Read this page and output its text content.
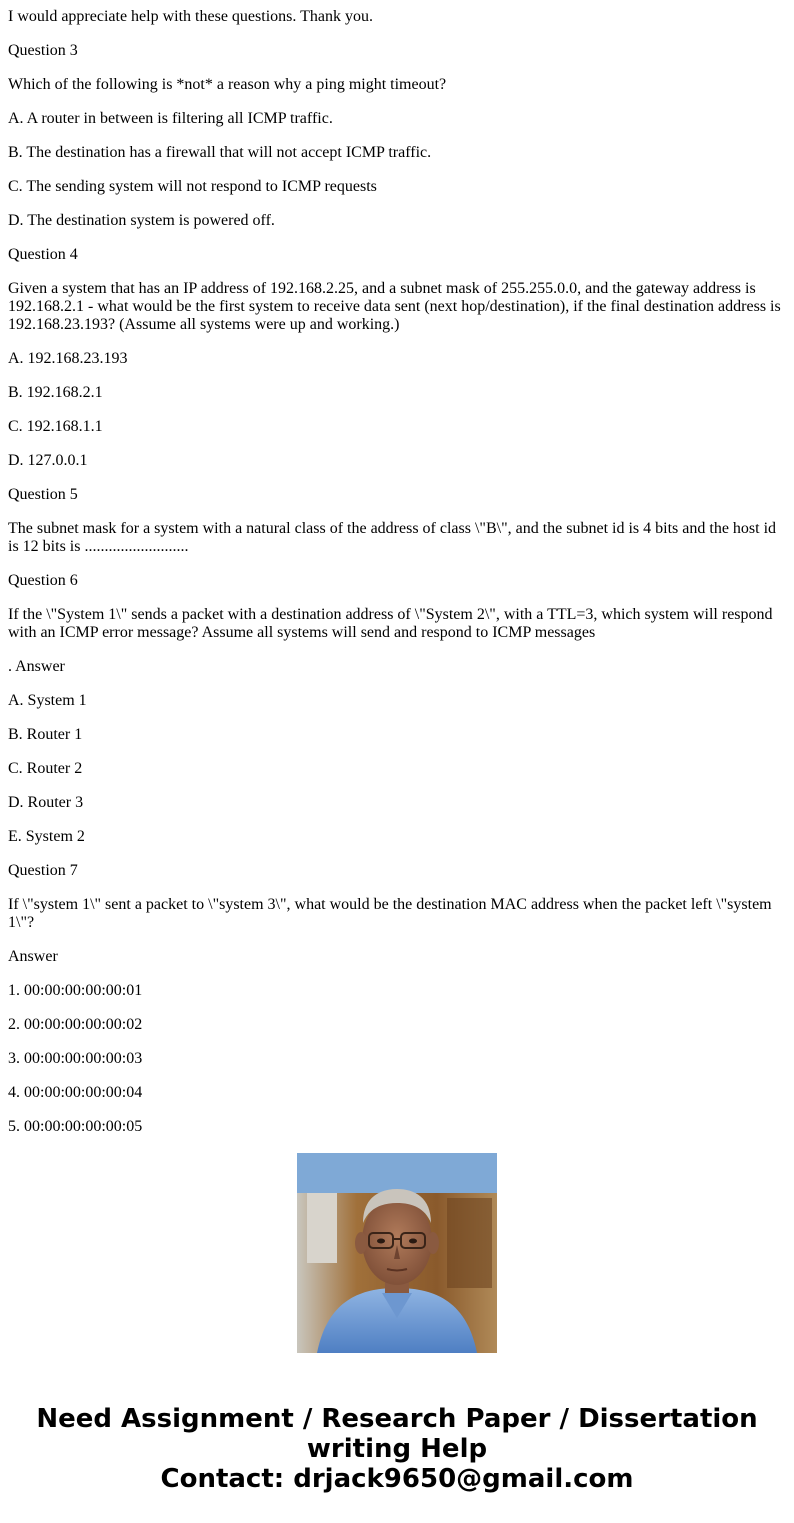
I would appreciate help with these questions. Thank you.

Question 3

Which of the following is *not* a reason why a ping might timeout?

A. A router in between is filtering all ICMP traffic.

B. The destination has a firewall that will not accept ICMP traffic.

C. The sending system will not respond to ICMP requests

D. The destination system is powered off.

Question 4

Given a system that has an IP address of 192.168.2.25, and a subnet mask of 255.255.0.0, and the gateway address is 192.168.2.1 - what would be the first system to receive data sent (next hop/destination), if the final destination address is 192.168.23.193? (Assume all systems were up and working.)

A. 192.168.23.193

B. 192.168.2.1

C. 192.168.1.1

D. 127.0.0.1

Question 5

The subnet mask for a system with a natural class of the address of class \"B\", and the subnet id is 4 bits and the host id is 12 bits is ..........................

Question 6

If the \"System 1\" sends a packet with a destination address of \"System 2\", with a TTL=3, which system will respond with an ICMP error message? Assume all systems will send and respond to ICMP messages

. Answer

A. System 1

B. Router 1

C. Router 2

D. Router 3

E. System 2

Question 7

If \"system 1\" sent a packet to \"system 3\", what would be the destination MAC address when the packet left \"system 1\"?

Answer

1. 00:00:00:00:00:01

2. 00:00:00:00:00:02

3. 00:00:00:00:00:03

4. 00:00:00:00:00:04

5. 00:00:00:00:00:05

Need Assignment / Research Paper / Dissertation
writing Help
Contact: drjack9650@gmail.com
